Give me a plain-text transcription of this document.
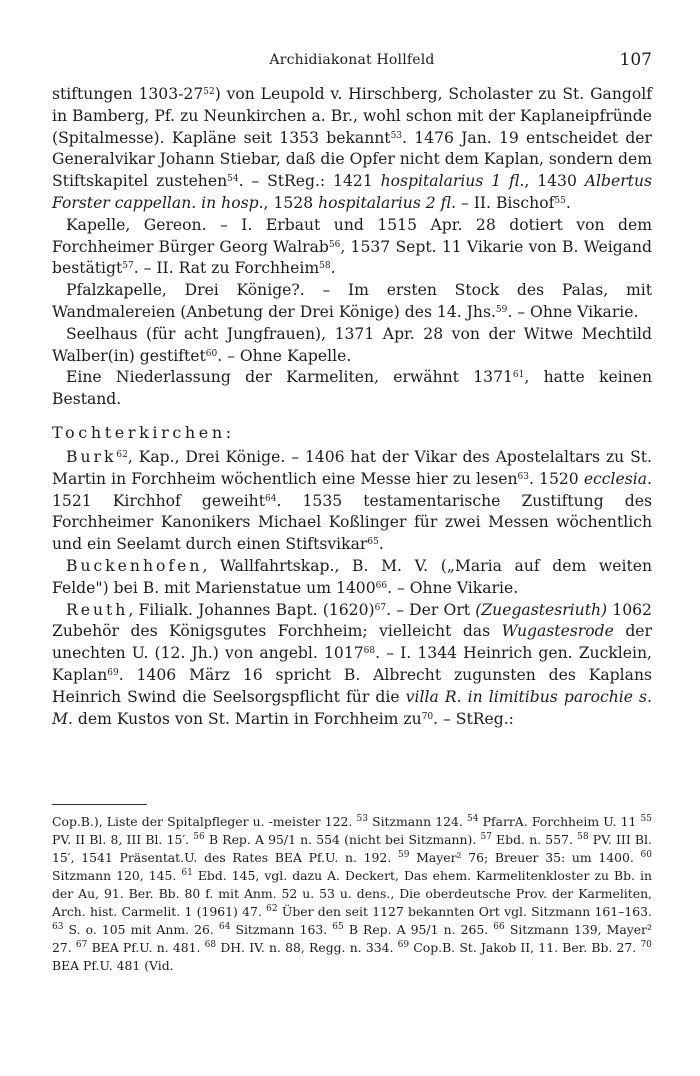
Archidiakonat Hollfeld	107

stiftungen $1303-27^{52}$) von Leupold v. Hirschberg, Scholaster zu St. Gangolf in Bamberg, Pf. zu Neunkirchen a. Br., wohl schon mit der Kaplaneipfründe (Spitalmesse). Kapläne seit 1353 bekannt$^{53}$. 1476 Jan. 19 entscheidet der Generalvikar Johann Stiebar, daß die Opfer nicht dem Kaplan, sondern dem Stiftskapitel zustehen$^{54}$. – StReg.: 1421 hospitalarius 1 fl., 1430 Albertus Forster cappellan. in hosp., 1528 hospitalarius 2 fl. – II. Bischof$^{55}$.

Kapelle, Gereon. – I. Erbaut und 1515 Apr. 28 dotiert von dem Forchheimer Bürger Georg Walrab$^{56}$, 1537 Sept. 11 Vikarie von B. Weigand bestätigt$^{57}$. – II. Rat zu Forchheim$^{58}$.

Pfalzkapelle, Drei Könige?. – Im ersten Stock des Palas, mit Wandmalereien (Anbetung der Drei Könige) des 14. Jhs.$^{59}$. – Ohne Vikarie.

Seelhaus (für acht Jungfrauen), 1371 Apr. 28 von der Witwe Mechtild Walber(in) gestiftet$^{60}$. – Ohne Kapelle.

Eine Niederlassung der Karmeliten, erwähnt 1371$^{61}$, hatte keinen Bestand.

Tochterkirchen:

Burk$^{62}$, Kap., Drei Könige. – 1406 hat der Vikar des Apostelaltars zu St. Martin in Forchheim wöchentlich eine Messe hier zu lesen$^{63}$. 1520 ecclesia. 1521 Kirchhof geweiht$^{64}$. 1535 testamentarische Zustiftung des Forchheimer Kanonikers Michael Koßlinger für zwei Messen wöchentlich und ein Seelamt durch einen Stiftsvikar$^{65}$.

Buckenhofen, Wallfahrtskap., B. M. V. („Maria auf dem weiten Felde") bei B. mit Marienstatue um 1400$^{66}$. – Ohne Vikarie.

Reuth, Filialk. Johannes Bapt. $(1620)^{67}$. – Der Ort (Zuegastesriuth) 1062 Zubehör des Königsgutes Forchheim; vielleicht das Wugastesrode der unechten U. (12. Jh.) von angebl. 1017$^{68}$. – I. 1344 Heinrich gen. Zucklein, Kaplan$^{69}$. 1406 März 16 spricht B. Albrecht zugunsten des Kaplans Heinrich Swind die Seelsorgspflicht für die villa R. in limitibus parochie s. M. dem Kustos von St. Martin in Forchheim $zu^{70}$. – StReg.:

Cop.B.), Liste der Spitalpfleger u. -meister 122. $^{53}$ Sitzmann 124. $^{54}$ PfarrA. Forchheim U. 11 $^{55}$ PV. II Bl. 8, III Bl. 15′. $^{56}$ B Rep. A 95/1 n. 554 (nicht bei Sitzmann). $^{57}$ Ebd. n. 557. $^{58}$ PV. III Bl. 15′, 1541 Präsentat.U. des Rates BEA Pf.U. n. 192. $^{59}$ Mayer² 76; Breuer 35: um 1400. $^{60}$ Sitzmann 120, 145. $^{61}$ Ebd. 145, vgl. dazu A. Deckert, Das ehem. Karmelitenkloster zu Bb. in der Au, 91. Ber. Bb. 80 f. mit Anm. 52 u. 53 u. dens., Die oberdeutsche Prov. der Karmeliten, Arch. hist. Carmelit. 1 (1961) 47. $^{62}$ Über den seit 1127 bekannten Ort vgl. Sitzmann 161–163. $^{63}$ S. o. 105 mit Anm. 26. $^{64}$ Sitzmann 163. $^{65}$ B Rep. A 95/1 n. 265. $^{66}$ Sitzmann 139, Mayer² 27. $^{67}$ BEA Pf.U. n. 481. $^{68}$ DH. IV. n. 88, Regg. n. 334. $^{69}$ Cop.B. St. Jakob II, 11. Ber. Bb. 27. $^{70}$ BEA Pf.U. 481 (Vid.
